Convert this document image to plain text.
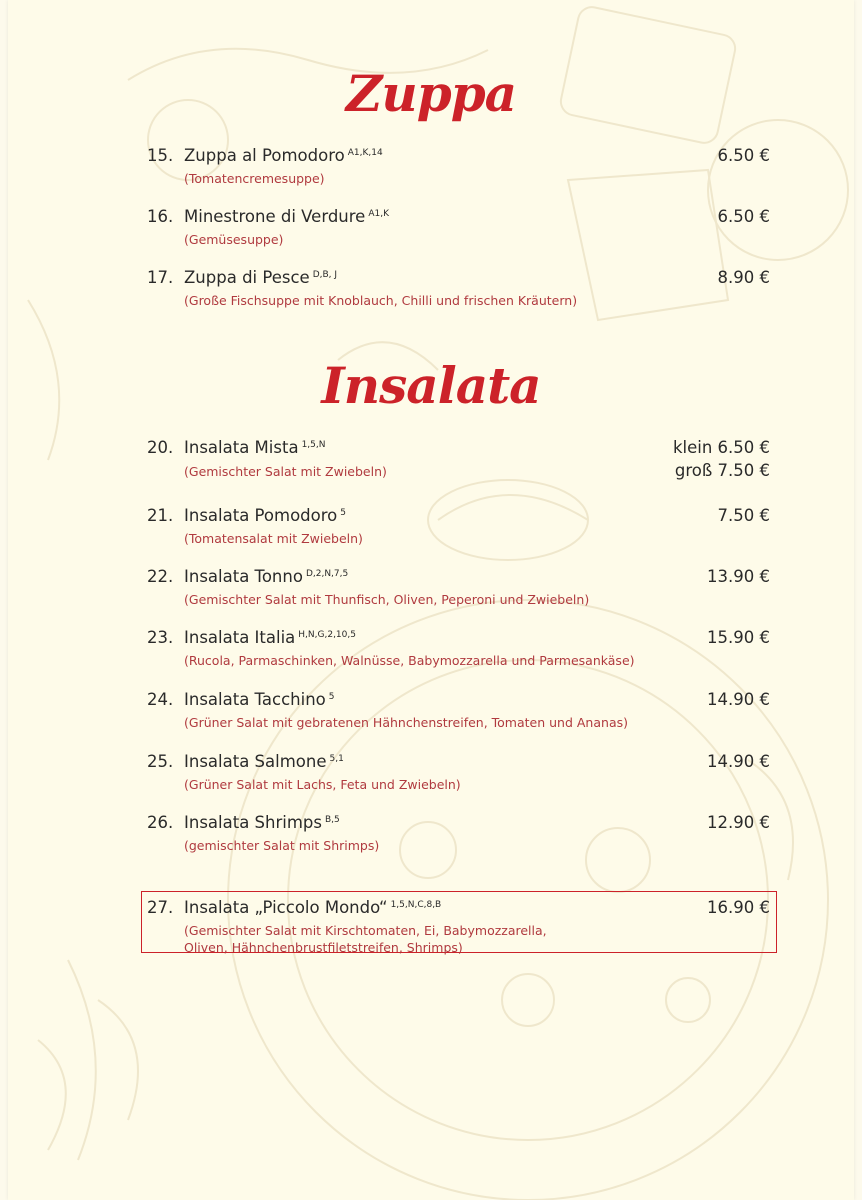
Zuppa
Insalata
15. Zuppa al Pomodoro $^{A1,K,14}$	6.50 €
(Tomatencremesuppe)
16. Minestrone di Verdure $^{A1,K}$	6.50 €
(Gemüsesuppe)
17. Zuppa di Pesce $^{D,B, J}$	8.90 €
(Große Fischsuppe mit Knoblauch, Chilli und frischen Kräutern)
20. Insalata Mista $^{1,5,N}$	klein 6.50 €
groß 7.50 €
(Gemischter Salat mit Zwiebeln)
21. Insalata Pomodoro $^5$	7.50 €
(Tomatensalat mit Zwiebeln)
22. Insalata Tonno $^{D,2,N,7,5}$	13.90 €
(Gemischter Salat mit Thunfisch, Oliven, Peperoni und Zwiebeln)
23. Insalata Italia $^{H,N,G,2,10,5}$	15.90 €
(Rucola, Parmaschinken, Walnüsse, Babymozzarella und Parmesankäse)
24. Insalata Tacchino $^5$	14.90 €
(Grüner Salat mit gebratenen Hähnchenstreifen, Tomaten und Ananas)
25. Insalata Salmone $^{5,1}$	14.90 €
(Grüner Salat mit Lachs, Feta und Zwiebeln)
26. Insalata Shrimps $^{B,5}$	12.90 €
(gemischter Salat mit Shrimps)
27. Insalata „Piccolo Mondo“ $^{1,5,N,C,8,B}$	16.90 €
(Gemischter Salat mit Kirschtomaten, Ei, Babymozzarella,
Oliven, Hähnchenbrustfiletstreifen, Shrimps)
